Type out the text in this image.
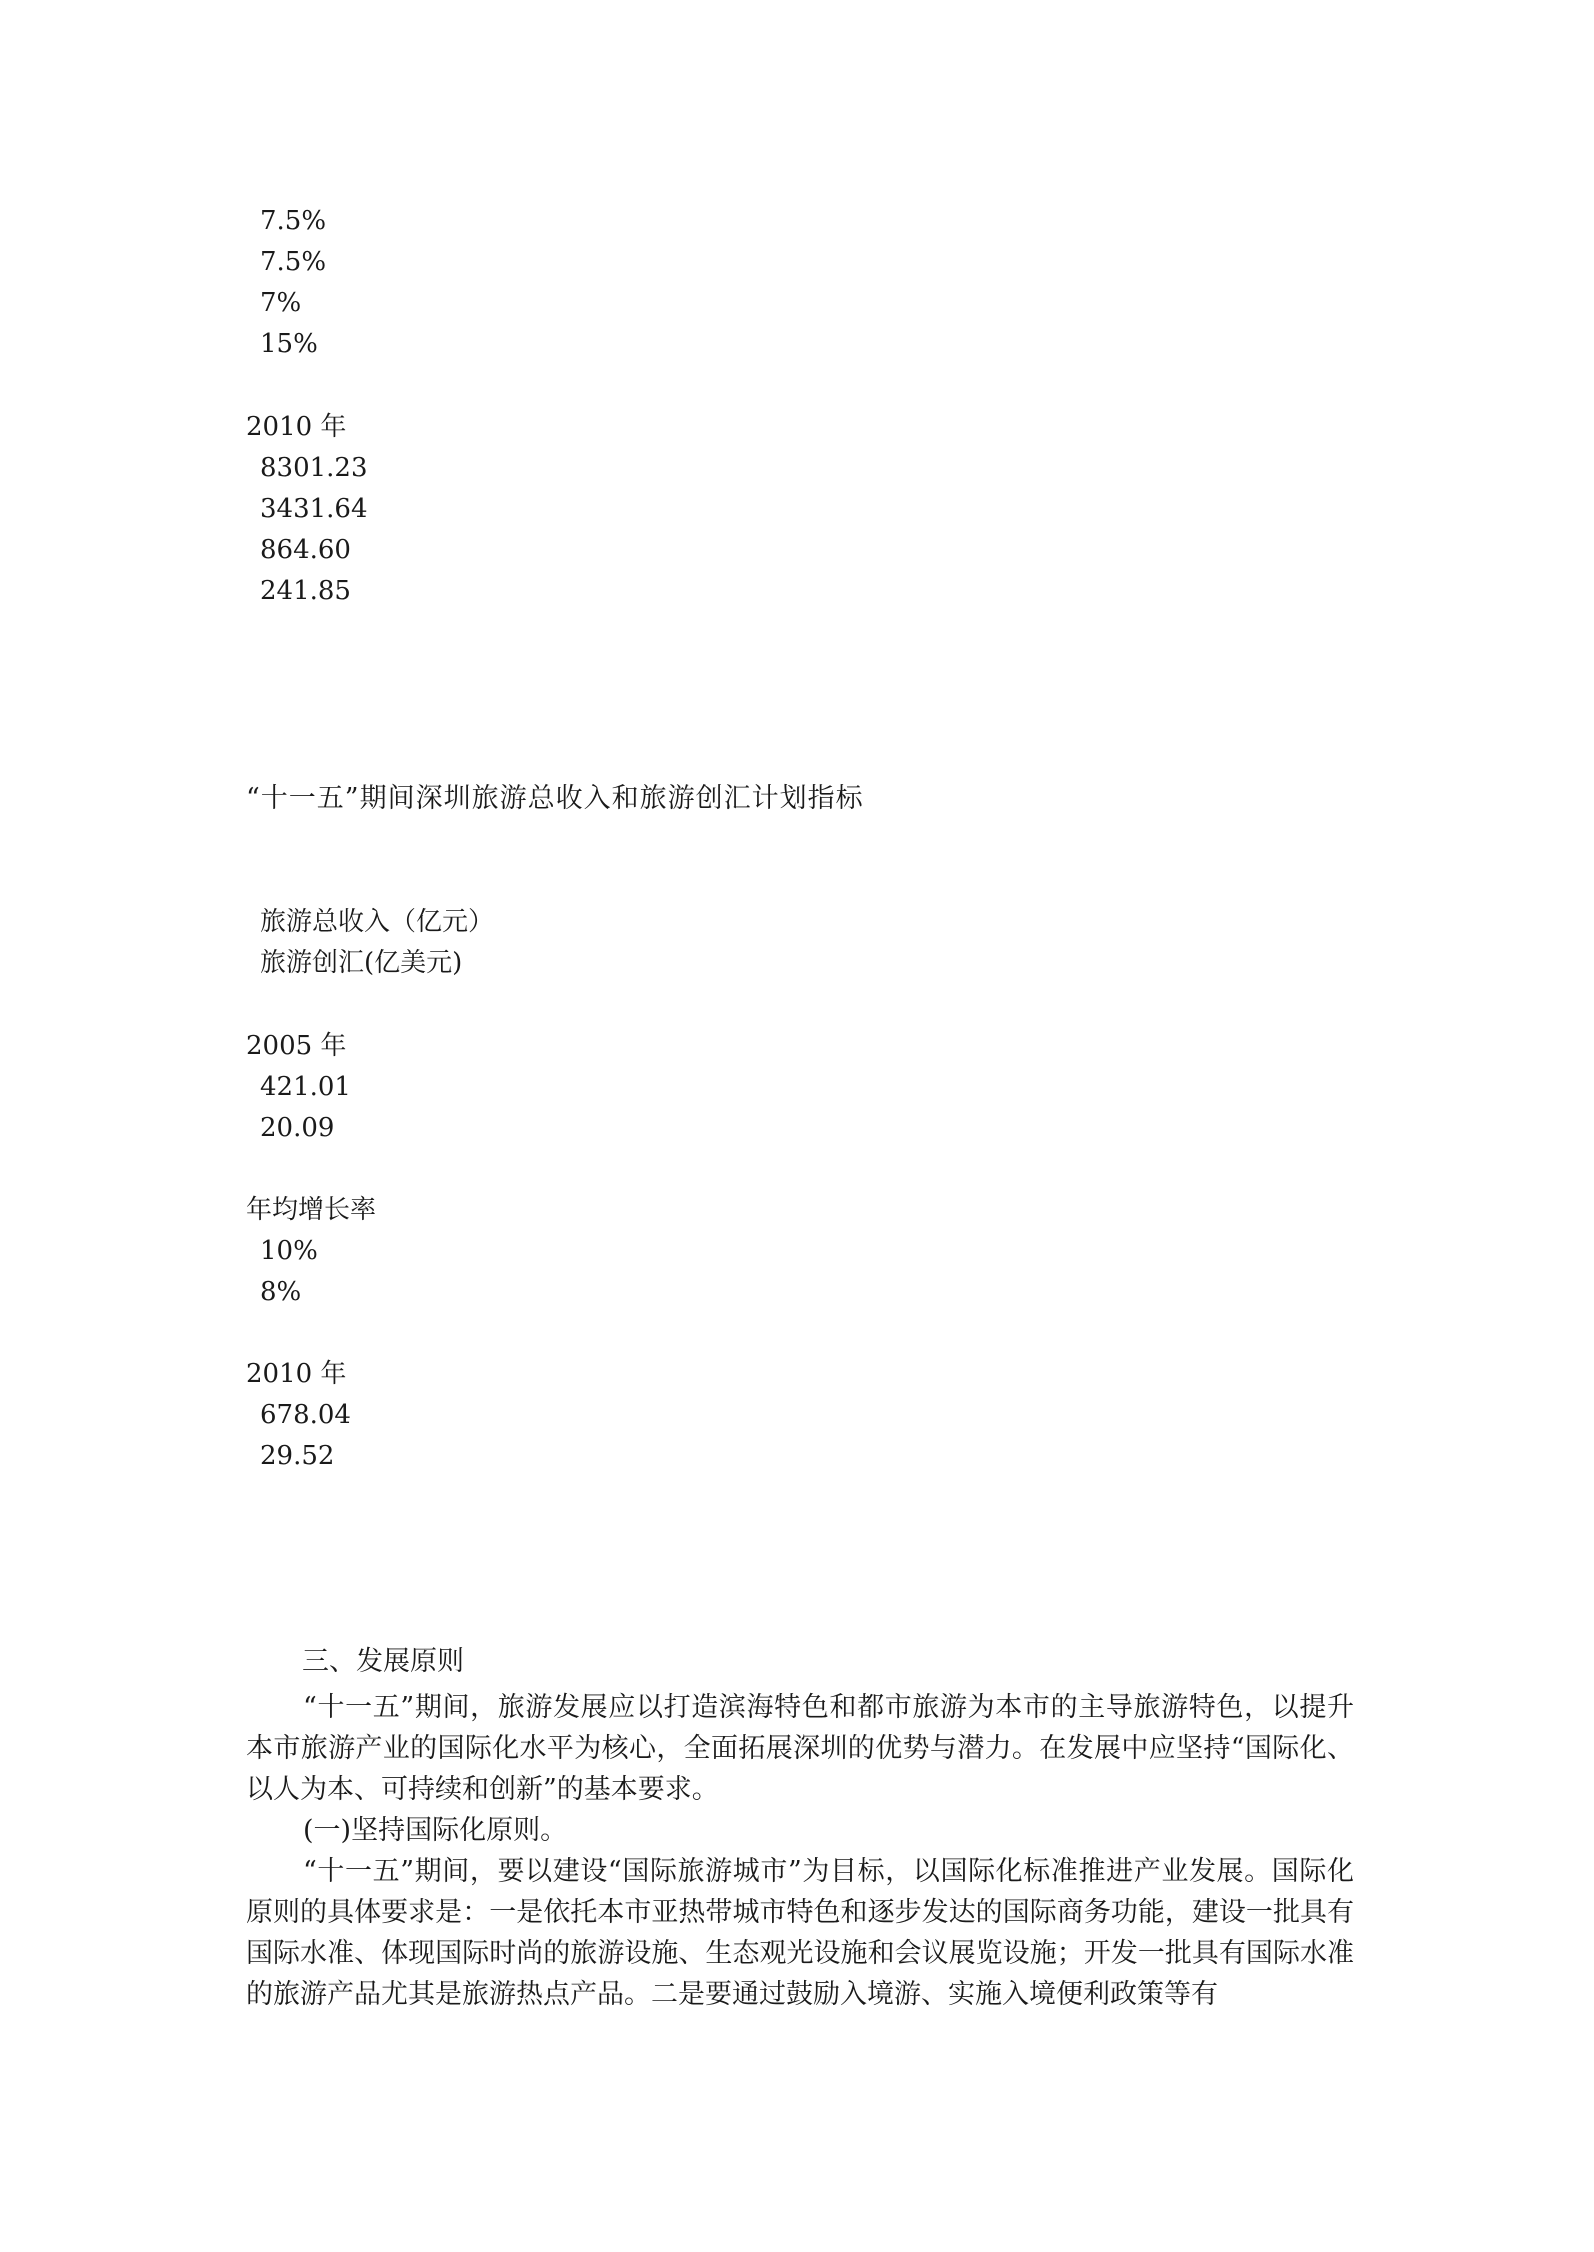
7.5%
7.5%
7%
15%
2010 年
8301.23
3431.64
864.60
241.85
“十一五”期间深圳旅游总收入和旅游创汇计划指标
旅游总收入（亿元）
旅游创汇(亿美元)
2005 年
421.01
20.09
年均增长率
10%
8%
2010 年
678.04
29.52
三、发展原则
“十一五”期间，旅游发展应以打造滨海特色和都市旅游为本市的主导旅游特色，以提升本市旅游产业的国际化水平为核心，全面拓展深圳的优势与潜力。在发展中应坚持“国际化、以人为本、可持续和创新”的基本要求。
(一)坚持国际化原则。
“十一五”期间，要以建设“国际旅游城市”为目标，以国际化标准推进产业发展。国际化原则的具体要求是：一是依托本市亚热带城市特色和逐步发达的国际商务功能，建设一批具有国际水准、体现国际时尚的旅游设施、生态观光设施和会议展览设施；开发一批具有国际水准的旅游产品尤其是旅游热点产品。二是要通过鼓励入境游、实施入境便利政策等有
